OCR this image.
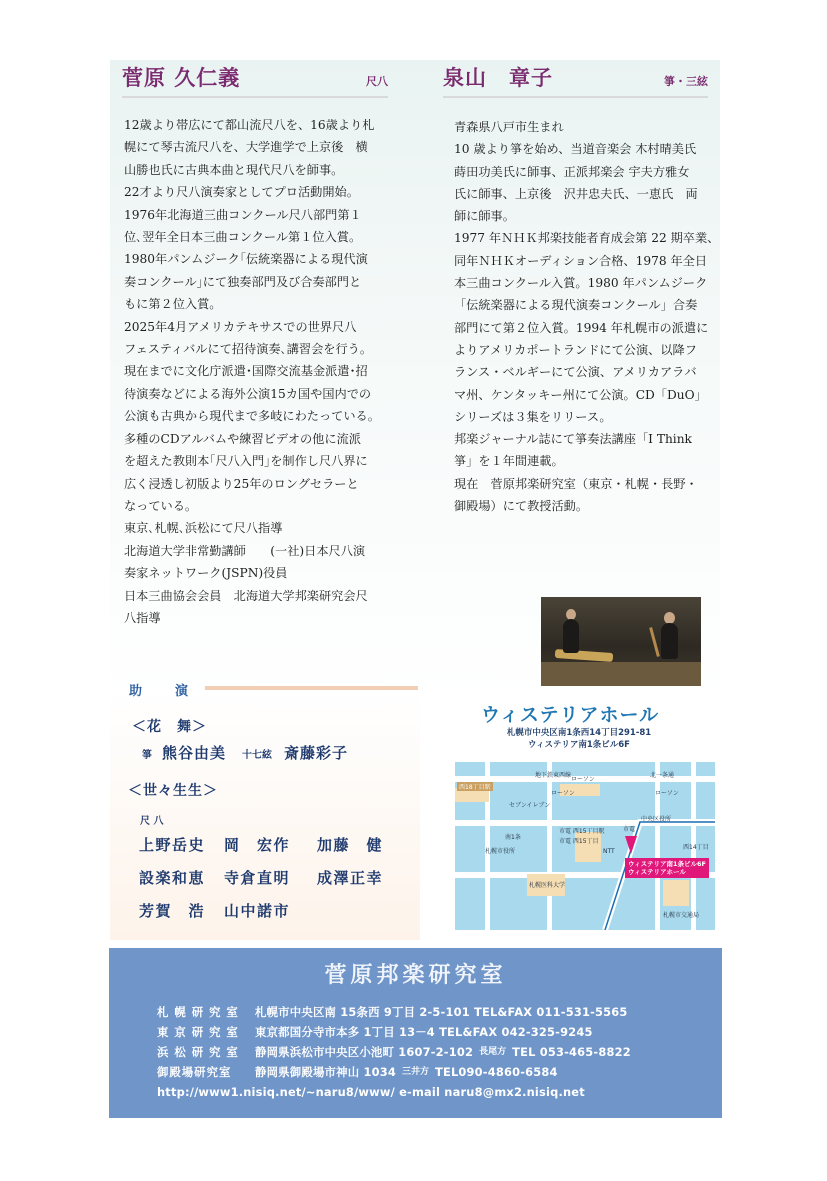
菅原 久仁義	尺八	泉山　章子	箏・三絃

12歳より帯広にて都山流尺八を、16歳より札

幌にて琴古流尺八を、大学進学で上京後　横

山勝也氏に古典本曲と現代尺八を師事。

22才より尺八演奏家としてプロ活動開始。

1976年北海道三曲コンクール尺八部門第１

位､翌年全日本三曲コンクール第１位入賞。

1980年パンムジーク｢伝統楽器による現代演

奏コンクール｣にて独奏部門及び合奏部門と

もに第２位入賞。

2025年4月アメリカテキサスでの世界尺八

フェスティバルにて招待演奏､講習会を行う。

現在までに文化庁派遣･国際交流基金派遣･招

待演奏などによる海外公演15カ国や国内での

公演も古典から現代まで多岐にわたっている。

多種のCDアルバムや練習ビデオの他に流派

を超えた教則本｢尺八入門｣を制作し尺八界に

広く浸透し初版より25年のロングセラーと

なっている。

東京､札幌､浜松にて尺八指導

北海道大学非常勤講師　　(一社)日本尺八演

奏家ネットワーク(JSPN)役員

日本三曲協会会員　北海道大学邦楽研究会尺

八指導

青森県八戸市生まれ

10 歳より箏を始め、当道音楽会 木村晴美氏

蒔田功美氏に師事、正派邦楽会 宇夫方雅女

氏に師事、上京後　沢井忠夫氏、一恵氏　両

師に師事。

1977 年ＮＨＫ邦楽技能者育成会第 22 期卒業、

同年ＮＨＫオーディション合格、1978 年全日

本三曲コンクール入賞。1980 年パンムジーク

「伝統楽器による現代演奏コンクール」合奏

部門にて第２位入賞。1994 年札幌市の派遣に

よりアメリカポートランドにて公演、以降フ

ランス・ベルギーにて公演、アメリカアラバ

マ州、ケンタッキー州にて公演。CD「DuO」

シリーズは３集をリリース。

邦楽ジャーナル誌にて箏奏法講座「I Think

箏」を１年間連載。

現在　菅原邦楽研究室（東京・札幌・長野・

御殿場）にて教授活動。

助　演
＜花　舞＞
箏 熊谷由美 十七絃 斎藤彩子
＜世々生生＞
尺 八
上野岳史	岡　宏作	加藤　健
設楽和恵	寺倉直明	成澤正幸
芳賀　浩	山中諾市
ウィステリアホール
札幌市中央区南1条西14丁目291-81
ウィステリア南1条ビル6F
地下鉄東西線
西18丁目駅
北一条通
ローソン
ローソン	ローソン
セブンイレブン
市電 西15丁目
中央区役所
南1条
市電 西15丁目駅
NTT
西14丁目
札幌市役所
札幌医科大学
市電
札幌市交通局
ウィステリア南1条ビル6F
ウィステリアホール
菅原邦楽研究室
札 幌 研 究 室	札幌市中央区南 15条西 9丁目 2-5-101 TEL&FAX 011-531-5565
東 京 研 究 室	東京都国分寺市本多 1丁目 13－4 TEL&FAX 042-325-9245
浜 松 研 究 室	静岡県浜松市中央区小池町 1607-2-102 長尾方 TEL 053-465-8822
御殿場研究室	静岡県御殿場市神山 1034 三井方 TEL090-4860-6584
http://www1.nisiq.net/~naru8/www/ e-mail naru8@mx2.nisiq.net
